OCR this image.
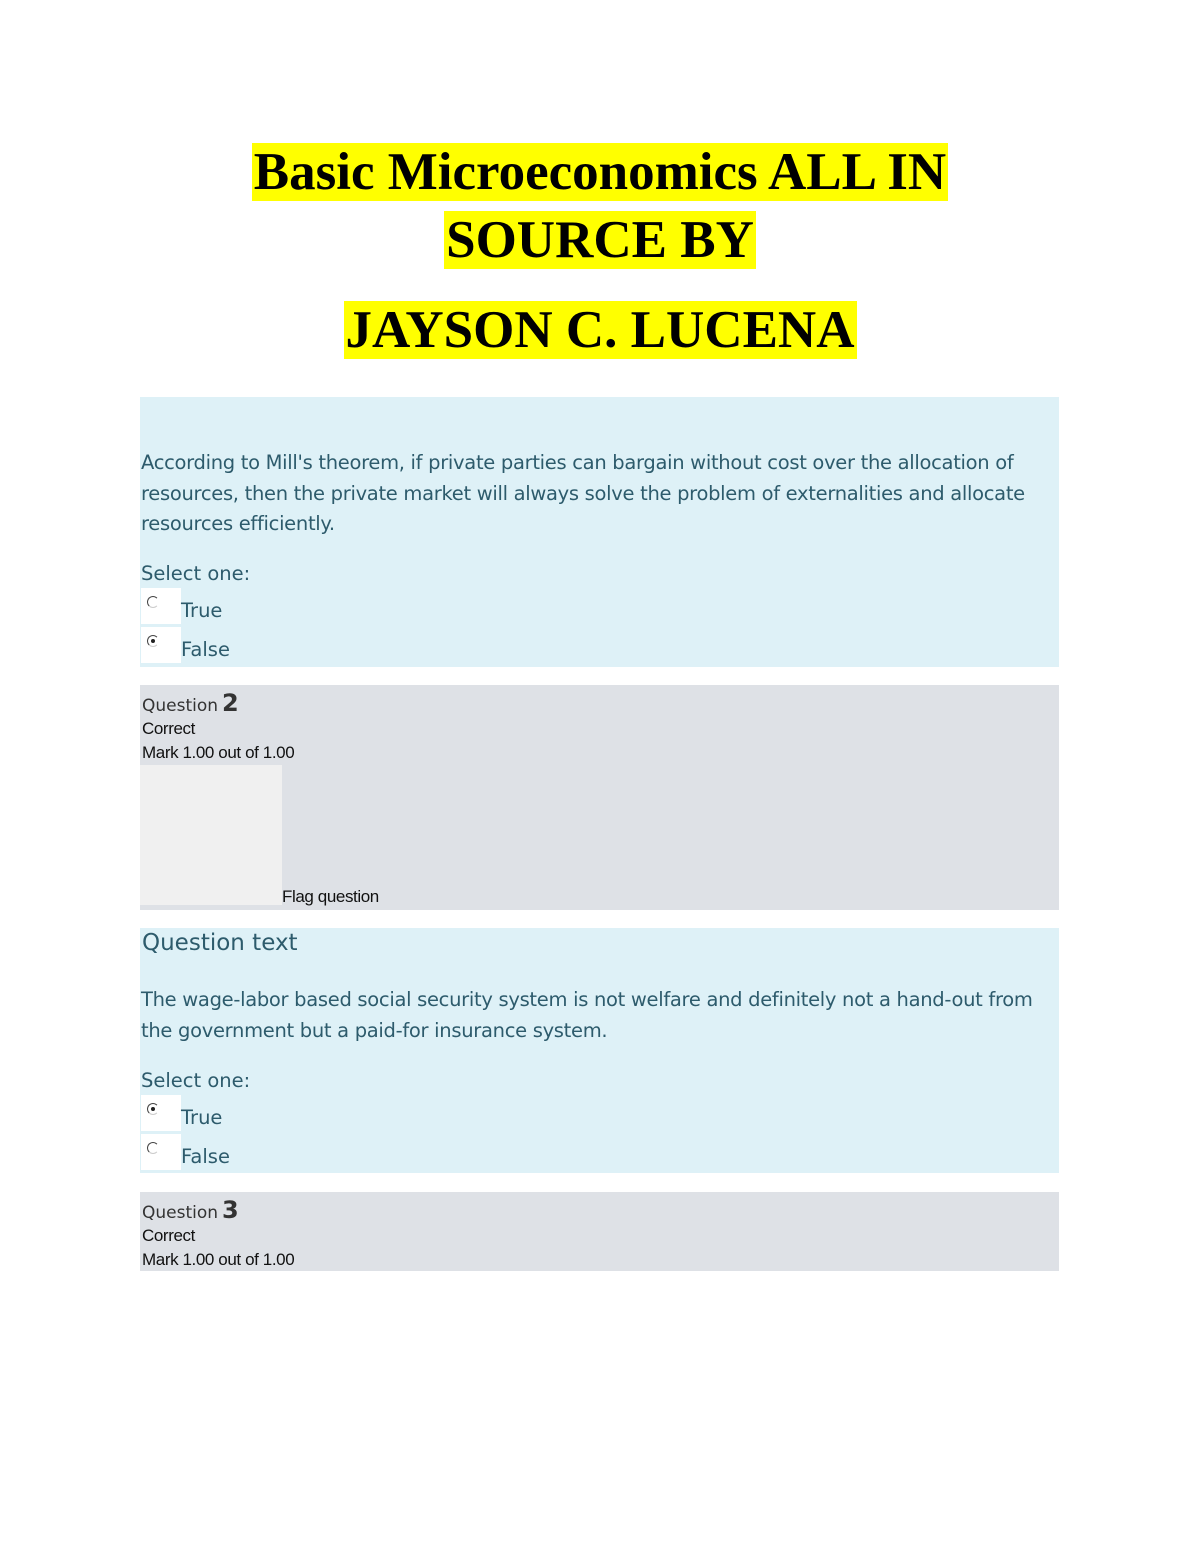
Basic Microeconomics ALL IN
SOURCE BY
JAYSON C. LUCENA
According to Mill's theorem, if private parties can bargain without cost over the allocation of resources, then the private market will always solve the problem of externalities and allocate resources efficiently.
Select one:
True
False
Question 2
Correct
Mark 1.00 out of 1.00
Flag question
Question text
The wage-labor based social security system is not welfare and definitely not a hand-out from the government but a paid-for insurance system.
Select one:
True
False
Question 3
Correct
Mark 1.00 out of 1.00
